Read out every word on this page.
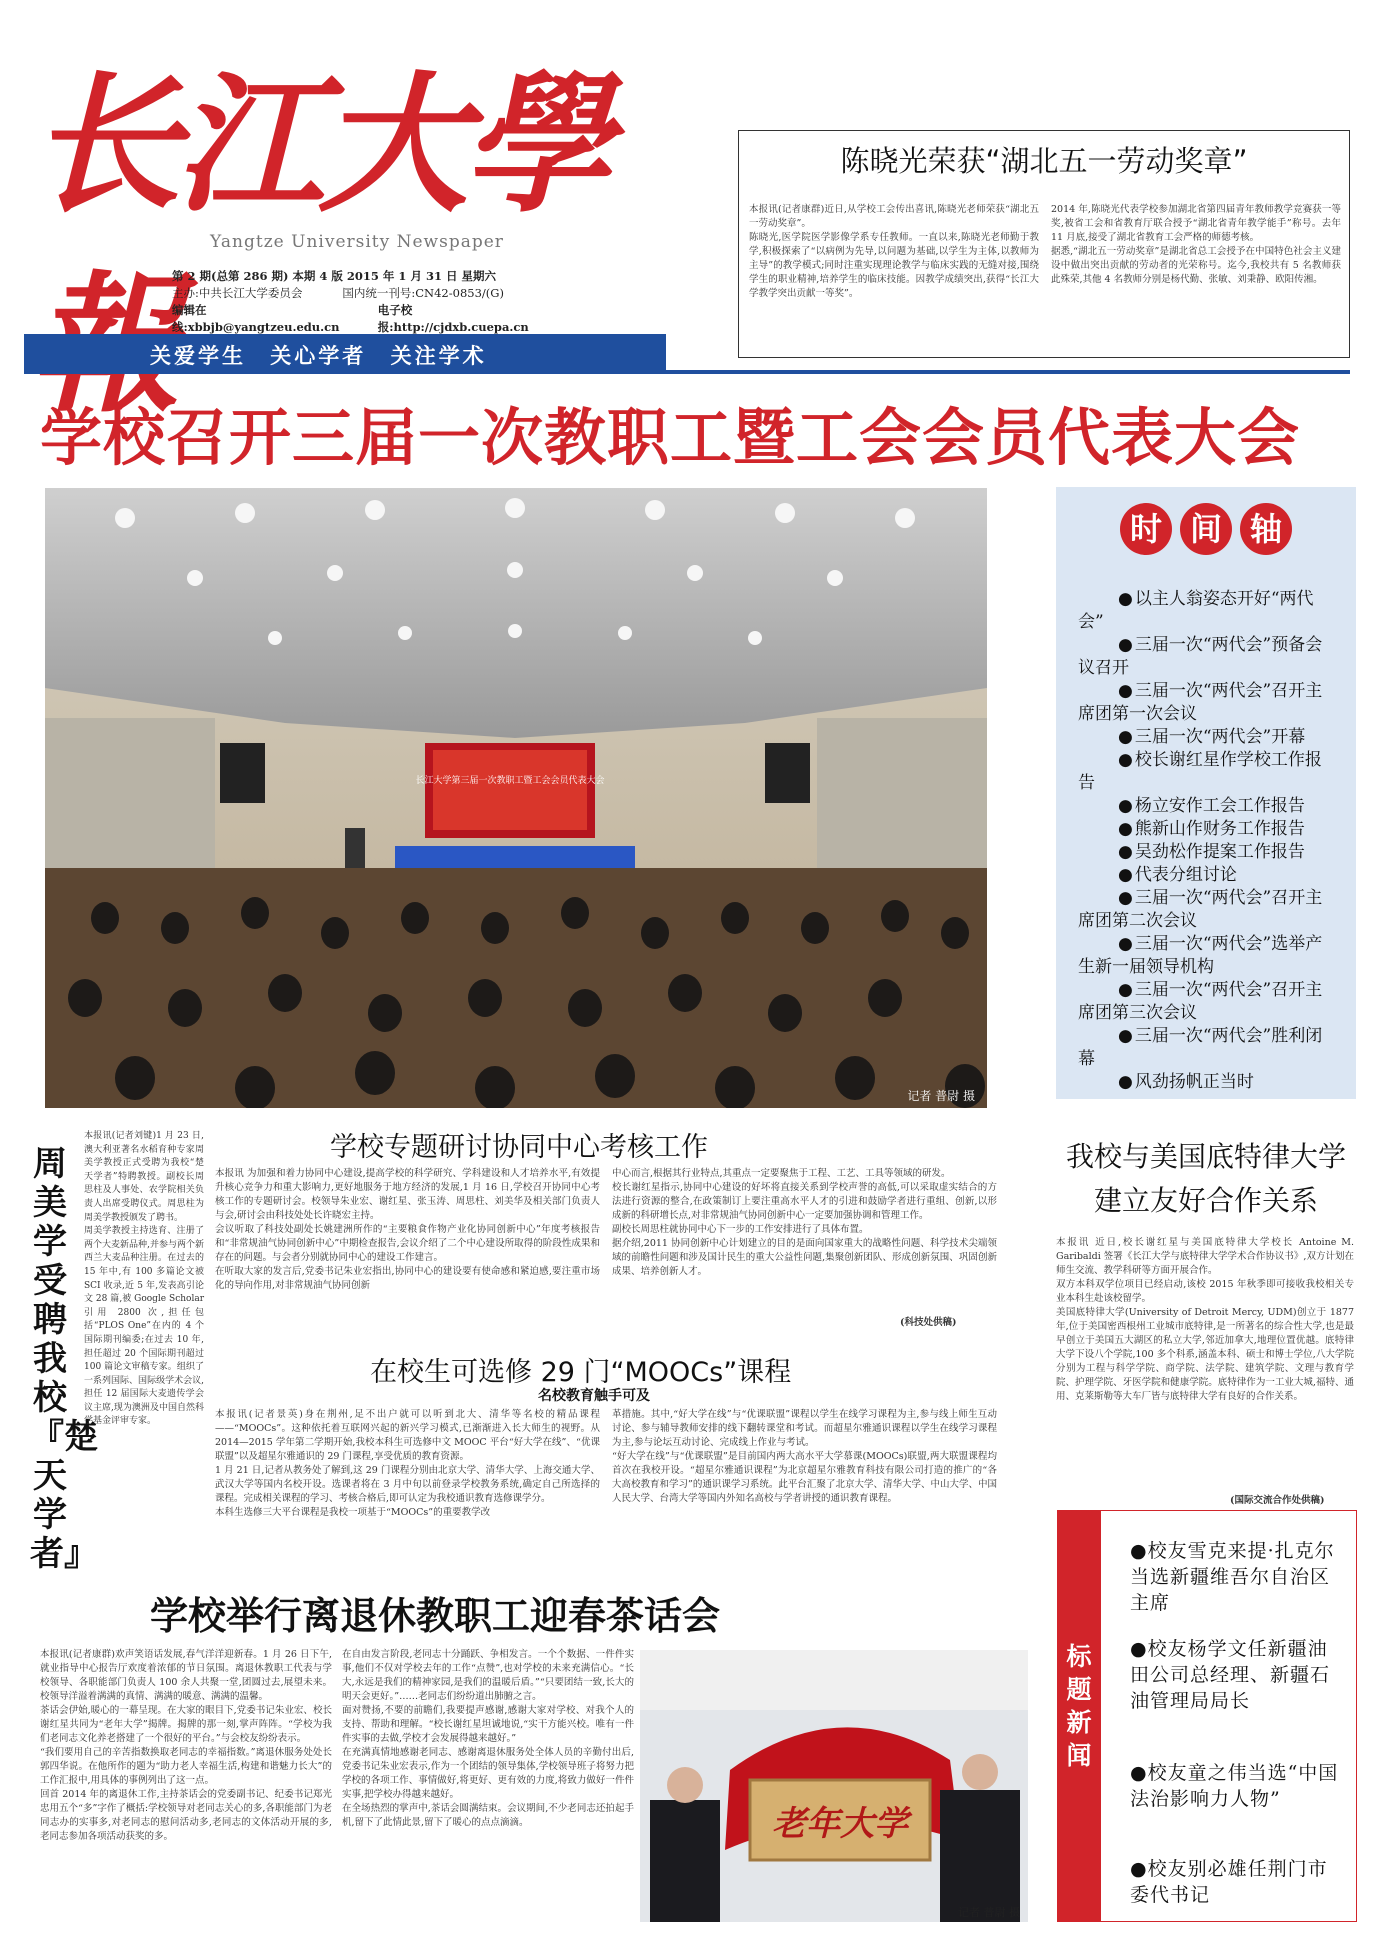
长江大學
Yangtze University Newspaper
第 2 期(总第 286 期) 本期 4 版 2015 年 1 月 31 日 星期六
主办:中共长江大学委员会	国内统一刊号:CN42-0853/(G)
编辑在线:xbbjb@yangtzeu.edu.cn
电子校报:http://cjdxb.cuepa.cn
陈晓光荣获“湖北五一劳动奖章”
本报讯(记者康群)近日,从学校工会传出喜讯,陈晓光老师荣获“湖北五一劳动奖章”。
陈晓光,医学院医学影像学系专任教师。一直以来,陈晓光老师勤于教学,积极探索了“以病例为先导,以问题为基础,以学生为主体,以教师为主导”的教学模式;同时注重实现理论教学与临床实践的无缝对接,围绕学生的职业精神,培养学生的临床技能。因教学成绩突出,获得“长江大学教学突出贡献一等奖”。
2014 年,陈晓光代表学校参加湖北省第四届青年教师教学竞赛获一等奖,被省工会和省教育厅联合授予“湖北省青年教学能手”称号。去年 11 月底,接受了湖北省教育工会严格的师德考核。
据悉,“湖北五一劳动奖章”是湖北省总工会授予在中国特色社会主义建设中做出突出贡献的劳动者的光荣称号。迄今,我校共有 5 名教师获此殊荣,其他 4 名教师分别是杨代勤、张敏、刘秉静、欧阳传湘。
关爱学生 关心学者 关注学术
学校召开三届一次教职工暨工会会员代表大会
长江大学第三届一次教职工暨工会会员代表大会
记者 普尉 摄
时 间 轴
● 以主人翁姿态开好“两代会”
● 三届一次“两代会”预备会议召开
● 三届一次“两代会”召开主席团第一次会议
● 三届一次“两代会”开幕
● 校长谢红星作学校工作报告
● 杨立安作工会工作报告
● 熊新山作财务工作报告
● 吴劲松作提案工作报告
● 代表分组讨论
● 三届一次“两代会”召开主席团第二次会议
● 三届一次“两代会”选举产生新一届领导机构
● 三届一次“两代会”召开主席团第三次会议
● 三届一次“两代会”胜利闭幕
● 风劲扬帆正当时
周美学受聘我校『楚天学者』
本报讯(记者刘键)1 月 23 日,澳大利亚著名水稻育种专家周美学教授正式受聘为我校“楚天学者”特聘教授。副校长周思柱及人事处、农学院相关负责人出席受聘仪式。周思柱为周美学教授颁发了聘书。
周美学教授主持选育、注册了两个大麦新品种,并参与两个新西兰大麦品种注册。在过去的 15 年中,有 100 多篇论文被 SCI 收录,近 5 年,发表高引论文 28 篇,被 Google Scholar 引用 2800 次,担任包括“PLOS One”在内的 4 个国际期刊编委;在过去 10 年,担任超过 20 个国际期刊超过 100 篇论文审稿专家。组织了一系列国际、国际级学术会议,担任 12 届国际大麦遗传学会议主席,现为澳洲及中国自然科学基金评审专家。
学校专题研讨协同中心考核工作
本报讯 为加强和着力协同中心建设,提高学校的科学研究、学科建设和人才培养水平,有效提升核心竞争力和重大影响力,更好地服务于地方经济的发展,1 月 16 日,学校召开协同中心考核工作的专题研讨会。校领导朱业宏、谢红星、张玉涛、周思柱、刘美华及相关部门负责人与会,研讨会由科技处处长许晓宏主持。
会议听取了科技处副处长姚建洲所作的“主要粮食作物产业化协同创新中心”年度考核报告和“非常规油气协同创新中心”中期检查报告,会议介绍了二个中心建设所取得的阶段性成果和存在的问题。与会者分别就协同中心的建设工作建言。
在听取大家的发言后,党委书记朱业宏指出,协同中心的建设要有使命感和紧迫感,要注重市场化的导向作用,对非常规油气协同创新
中心而言,根据其行业特点,其重点一定要聚焦于工程、工艺、工具等领域的研发。
校长谢红星指示,协同中心建设的好坏将直接关系到学校声誉的高低,可以采取虚实结合的方法进行资源的整合,在政策制订上要注重高水平人才的引进和鼓励学者进行重组、创新,以形成新的科研增长点,对非常规油气协同创新中心一定要加强协调和管理工作。
副校长周思柱就协同中心下一步的工作安排进行了具体布置。
据介绍,2011 协同创新中心计划建立的目的是面向国家重大的战略性问题、科学技术尖端领域的前瞻性问题和涉及国计民生的重大公益性问题,集聚创新团队、形成创新氛围、巩固创新成果、培养创新人才。
(科技处供稿)
在校生可选修 29 门“MOOCs”课程
名校教育触手可及
本报讯(记者景英)身在荆州,足不出户就可以听到北大、清华等名校的精品课程——“MOOCs”。这种依托着互联网兴起的新兴学习模式,已渐渐进入长大师生的视野。从 2014—2015 学年第二学期开始,我校本科生可选修中文 MOOC 平台“好大学在线”、“优课联盟”以及超星尔雅通识的 29 门课程,享受优质的教育资源。
1 月 21 日,记者从教务处了解到,这 29 门课程分别由北京大学、清华大学、上海交通大学、武汉大学等国内名校开设。选课者将在 3 月中旬以前登录学校教务系统,确定自己所选择的课程。完成相关课程的学习、考核合格后,即可认定为我校通识教育选修课学分。
本科生选修三大平台课程是我校一项基于“MOOCs”的重要教学改
革措施。其中,“好大学在线”与“优课联盟”课程以学生在线学习课程为主,参与线上师生互动讨论、参与辅导教师安排的线下翻转课堂和考试。而超星尔雅通识课程以学生在线学习课程为主,参与论坛互动讨论、完成线上作业与考试。
“好大学在线”与“优课联盟”是目前国内两大高水平大学慕课(MOOCs)联盟,两大联盟课程均首次在我校开设。“超星尔雅通识课程”为北京超星尔雅教育科技有限公司打造的推广的“各大高校教育和学习”的通识课学习系统。此平台汇聚了北京大学、清华大学、中山大学、中国人民大学、台湾大学等国内外知名高校与学者讲授的通识教育课程。
我校与美国底特律大学建立友好合作关系
本报讯 近日,校长谢红星与美国底特律大学校长 Antoine M. Garibaldi 签署《长江大学与底特律大学学术合作协议书》,双方计划在师生交流、教学科研等方面开展合作。
双方本科双学位项目已经启动,该校 2015 年秋季即可接收我校相关专业本科生赴该校留学。
美国底特律大学(University of Detroit Mercy, UDM)创立于 1877 年,位于美国密西根州工业城市底特律,是一所著名的综合性大学,也是最早创立于美国五大湖区的私立大学,邻近加拿大,地理位置优越。底特律大学下设八个学院,100 多个科系,涵盖本科、硕士和博士学位,八大学院分别为工程与科学学院、商学院、法学院、建筑学院、文理与教育学院、护理学院、牙医学院和健康学院。底特律作为一工业大城,福特、通用、克莱斯勒等大车厂皆与底特律大学有良好的合作关系。
(国际交流合作处供稿)
学校举行离退休教职工迎春茶话会
本报讯(记者康群)欢声笑语话发展,春气洋洋迎新春。1 月 26 日下午,就业指导中心报告厅欢度着浓郁的节日氛围。离退休教职工代表与学校领导、各职能部门负责人 100 余人共聚一堂,团圆过去,展望未来。校领导洋溢着满满的真情、满满的暖意、满满的温馨。
茶话会伊始,暖心的一幕呈现。在大家的眼目下,党委书记朱业宏、校长谢红星共同为“老年大学”揭牌。揭牌的那一刻,掌声阵阵。“学校为我们老同志文化养老搭建了一个很好的平台。”与会校友纷纷表示。
“我们要用自己的辛苦指数换取老同志的幸福指数。”离退休服务处处长郭四华说。在他所作的题为“助力老人幸福生活,构建和谐魅力长大”的工作汇报中,用具体的事例列出了这一点。
回首 2014 年的离退休工作,主持茶话会的党委副书记、纪委书记郑光忠用五个“多”字作了概括:学校领导对老同志关心的多,各职能部门为老同志办的实事多,对老同志的慰问活动多,老同志的文体活动开展的多,老同志参加各项活动获奖的多。
在自由发言阶段,老同志十分踊跃、争相发言。一个个数据、一件件实事,他们不仅对学校去年的工作“点赞”,也对学校的未来充满信心。“长大,永远是我们的精神家园,是我们的温暖后盾。”“只要团结一致,长大的明天会更好。”……老同志们纷纷道出肺腑之言。
面对赞扬,不要的前瞻们,我要提声感谢,感谢大家对学校、对我个人的支持、帮助和理解。“校长谢红星坦诚地说,“实干方能兴校。唯有一件件实事的去做,学校才会发展得越来越好。”
在充满真情地感谢老同志、感谢离退休服务处全体人员的辛勤付出后,党委书记朱业宏表示,作为一个团结的领导集体,学校领导班子将努力把学校的各项工作、事情做好,将更好、更有效的力度,将致力做好一件件实事,把学校办得越来越好。
在全场热烈的掌声中,茶话会圆满结束。会议期间,不少老同志还拍起手机,留下了此情此景,留下了暖心的点点滴滴。	老年大学
记者 普尉 摄
标题新闻
● 校友雪克来提·扎克尔当选新疆维吾尔自治区主席
● 校友杨学文任新疆油田公司总经理、新疆石油管理局局长
● 校友童之伟当选“中国法治影响力人物”
● 校友别必雄任荆门市委代书记
